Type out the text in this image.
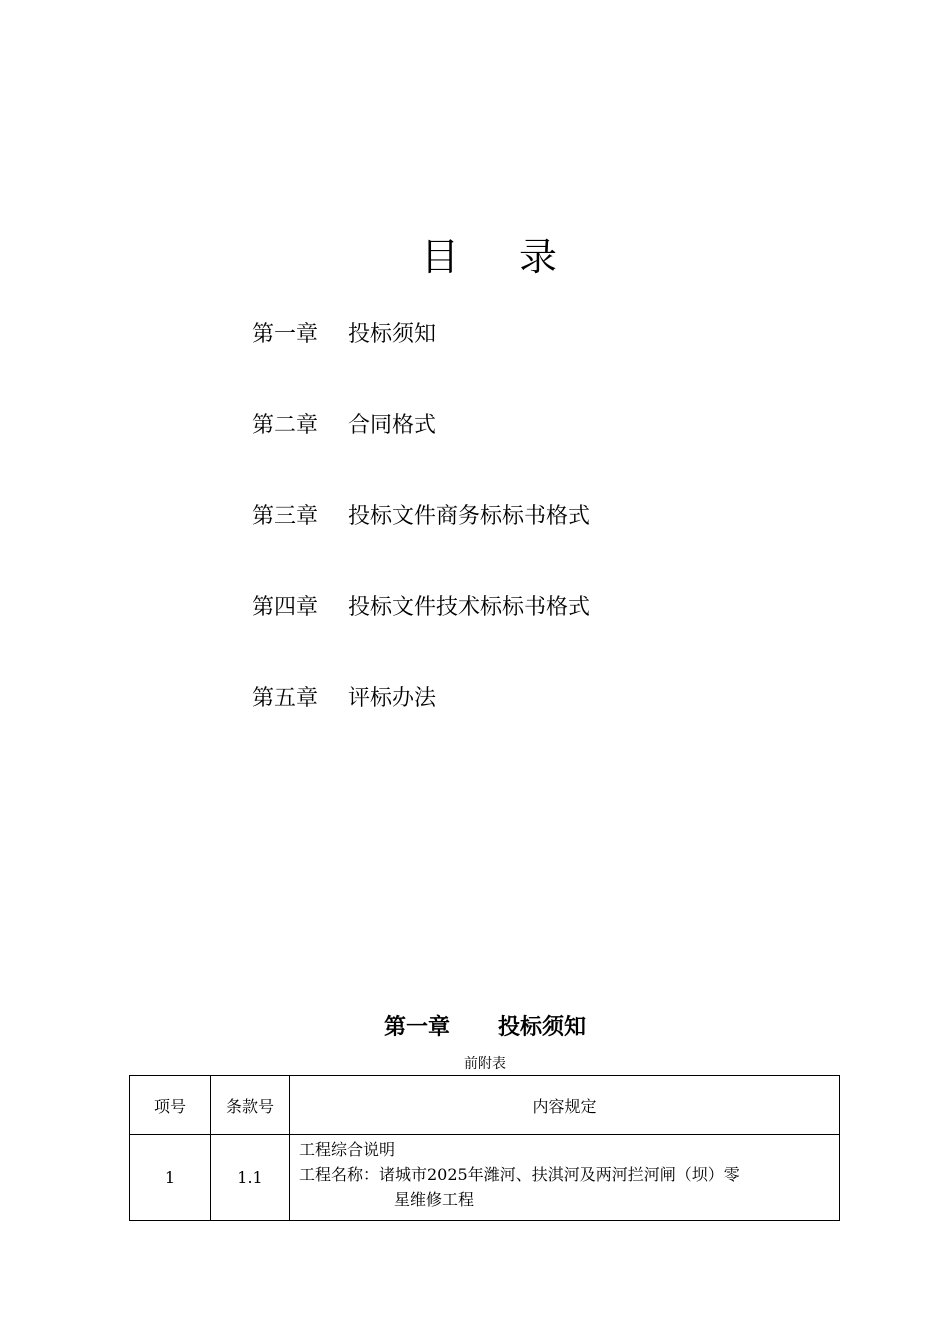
目 录
第一章 投标须知
第二章 合同格式
第三章 投标文件商务标标书格式
第四章 投标文件技术标标书格式
第五章 评标办法
第一章 投标须知
前附表
项号	条款号	内容规定
1	1.1	工程综合说明
工程名称：诸城市2025年潍河、扶淇河及两河拦河闸（坝）零
星维修工程
